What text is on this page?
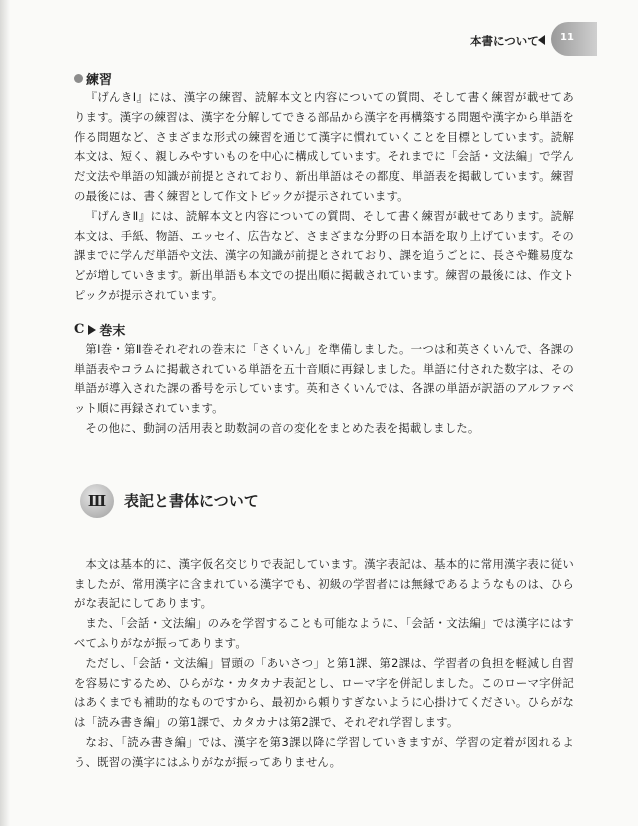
本書について 11
練習

『げんきⅠ』には、漢字の練習、読解本文と内容についての質問、そして書く練習が載せてあります。漢字の練習は、漢字を分解してできる部品から漢字を再構築する問題や漢字から単語を作る問題など、さまざまな形式の練習を通じて漢字に慣れていくことを目標としています。読解本文は、短く、親しみやすいものを中心に構成しています。それまでに「会話・文法編」で学んだ文法や単語の知識が前提とされており、新出単語はその都度、単語表を掲載しています。練習の最後には、書く練習として作文トピックが提示されています。

『げんきⅡ』には、読解本文と内容についての質問、そして書く練習が載せてあります。読解本文は、手紙、物語、エッセイ、広告など、さまざまな分野の日本語を取り上げています。その課までに学んだ単語や文法、漢字の知識が前提とされており、課を追うごとに、長さや難易度などが増していきます。新出単語も本文での提出順に掲載されています。練習の最後には、作文トピックが提示されています。

C 巻末

第Ⅰ巻・第Ⅱ巻それぞれの巻末に「さくいん」を準備しました。一つは和英さくいんで、各課の単語表やコラムに掲載されている単語を五十音順に再録しました。単語に付された数字は、その単語が導入された課の番号を示しています。英和さくいんでは、各課の単語が訳語のアルファベット順に再録されています。

その他に、動詞の活用表と助数詞の音の変化をまとめた表を掲載しました。

Ⅲ 表記と書体について

本文は基本的に、漢字仮名交じりで表記しています。漢字表記は、基本的に常用漢字表に従いましたが、常用漢字に含まれている漢字でも、初級の学習者には無縁であるようなものは、ひらがな表記にしてあります。

また、「会話・文法編」のみを学習することも可能なように、「会話・文法編」では漢字にはすべてふりがなが振ってあります。

ただし、「会話・文法編」冒頭の「あいさつ」と第1課、第2課は、学習者の負担を軽減し自習を容易にするため、ひらがな・カタカナ表記とし、ローマ字を併記しました。このローマ字併記はあくまでも補助的なものですから、最初から頼りすぎないように心掛けてください。ひらがなは「読み書き編」の第1課で、カタカナは第2課で、それぞれ学習します。

なお、「読み書き編」では、漢字を第3課以降に学習していきますが、学習の定着が図れるよう、既習の漢字にはふりがなが振ってありません。
